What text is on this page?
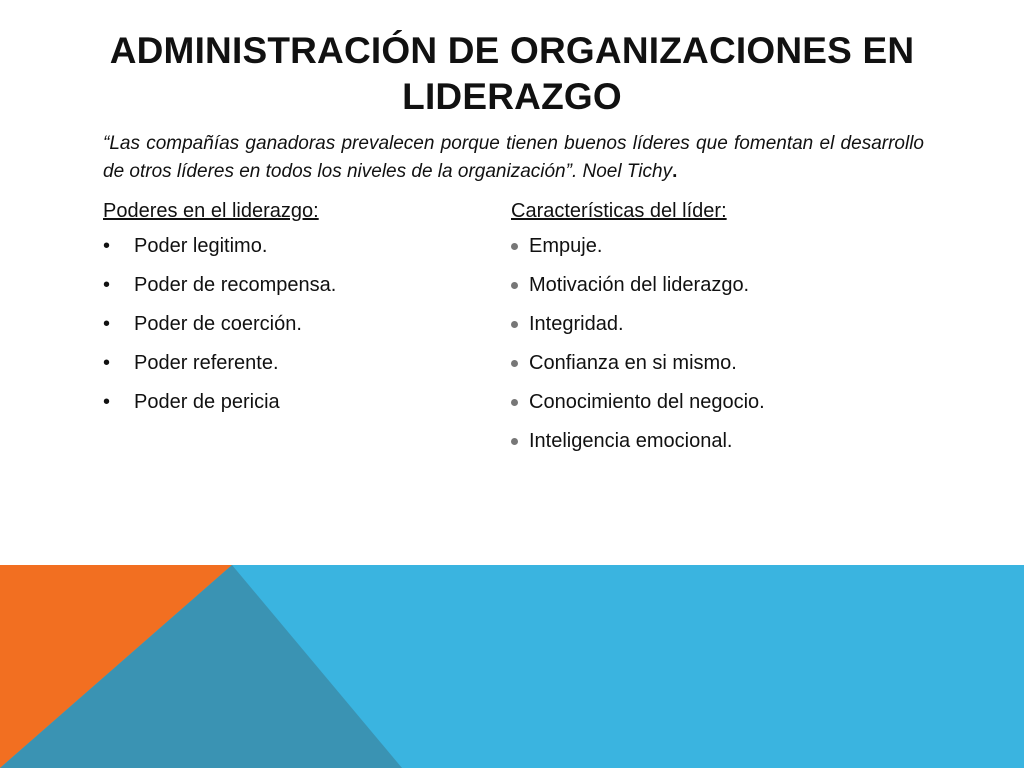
ADMINISTRACIÓN DE ORGANIZACIONES EN LIDERAZGO

“Las compañías ganadoras prevalecen porque tienen buenos líderes que fomentan el desarrollo de otros líderes en todos los niveles de la organización”. Noel Tichy.

Poderes en el liderazgo:
• Poder legitimo.
• Poder de recompensa.
• Poder de coerción.
• Poder referente.
• Poder de pericia
Características del líder:
Empuje.
Motivación del liderazgo.
Integridad.
Confianza en si mismo.
Conocimiento del negocio.
Inteligencia emocional.
